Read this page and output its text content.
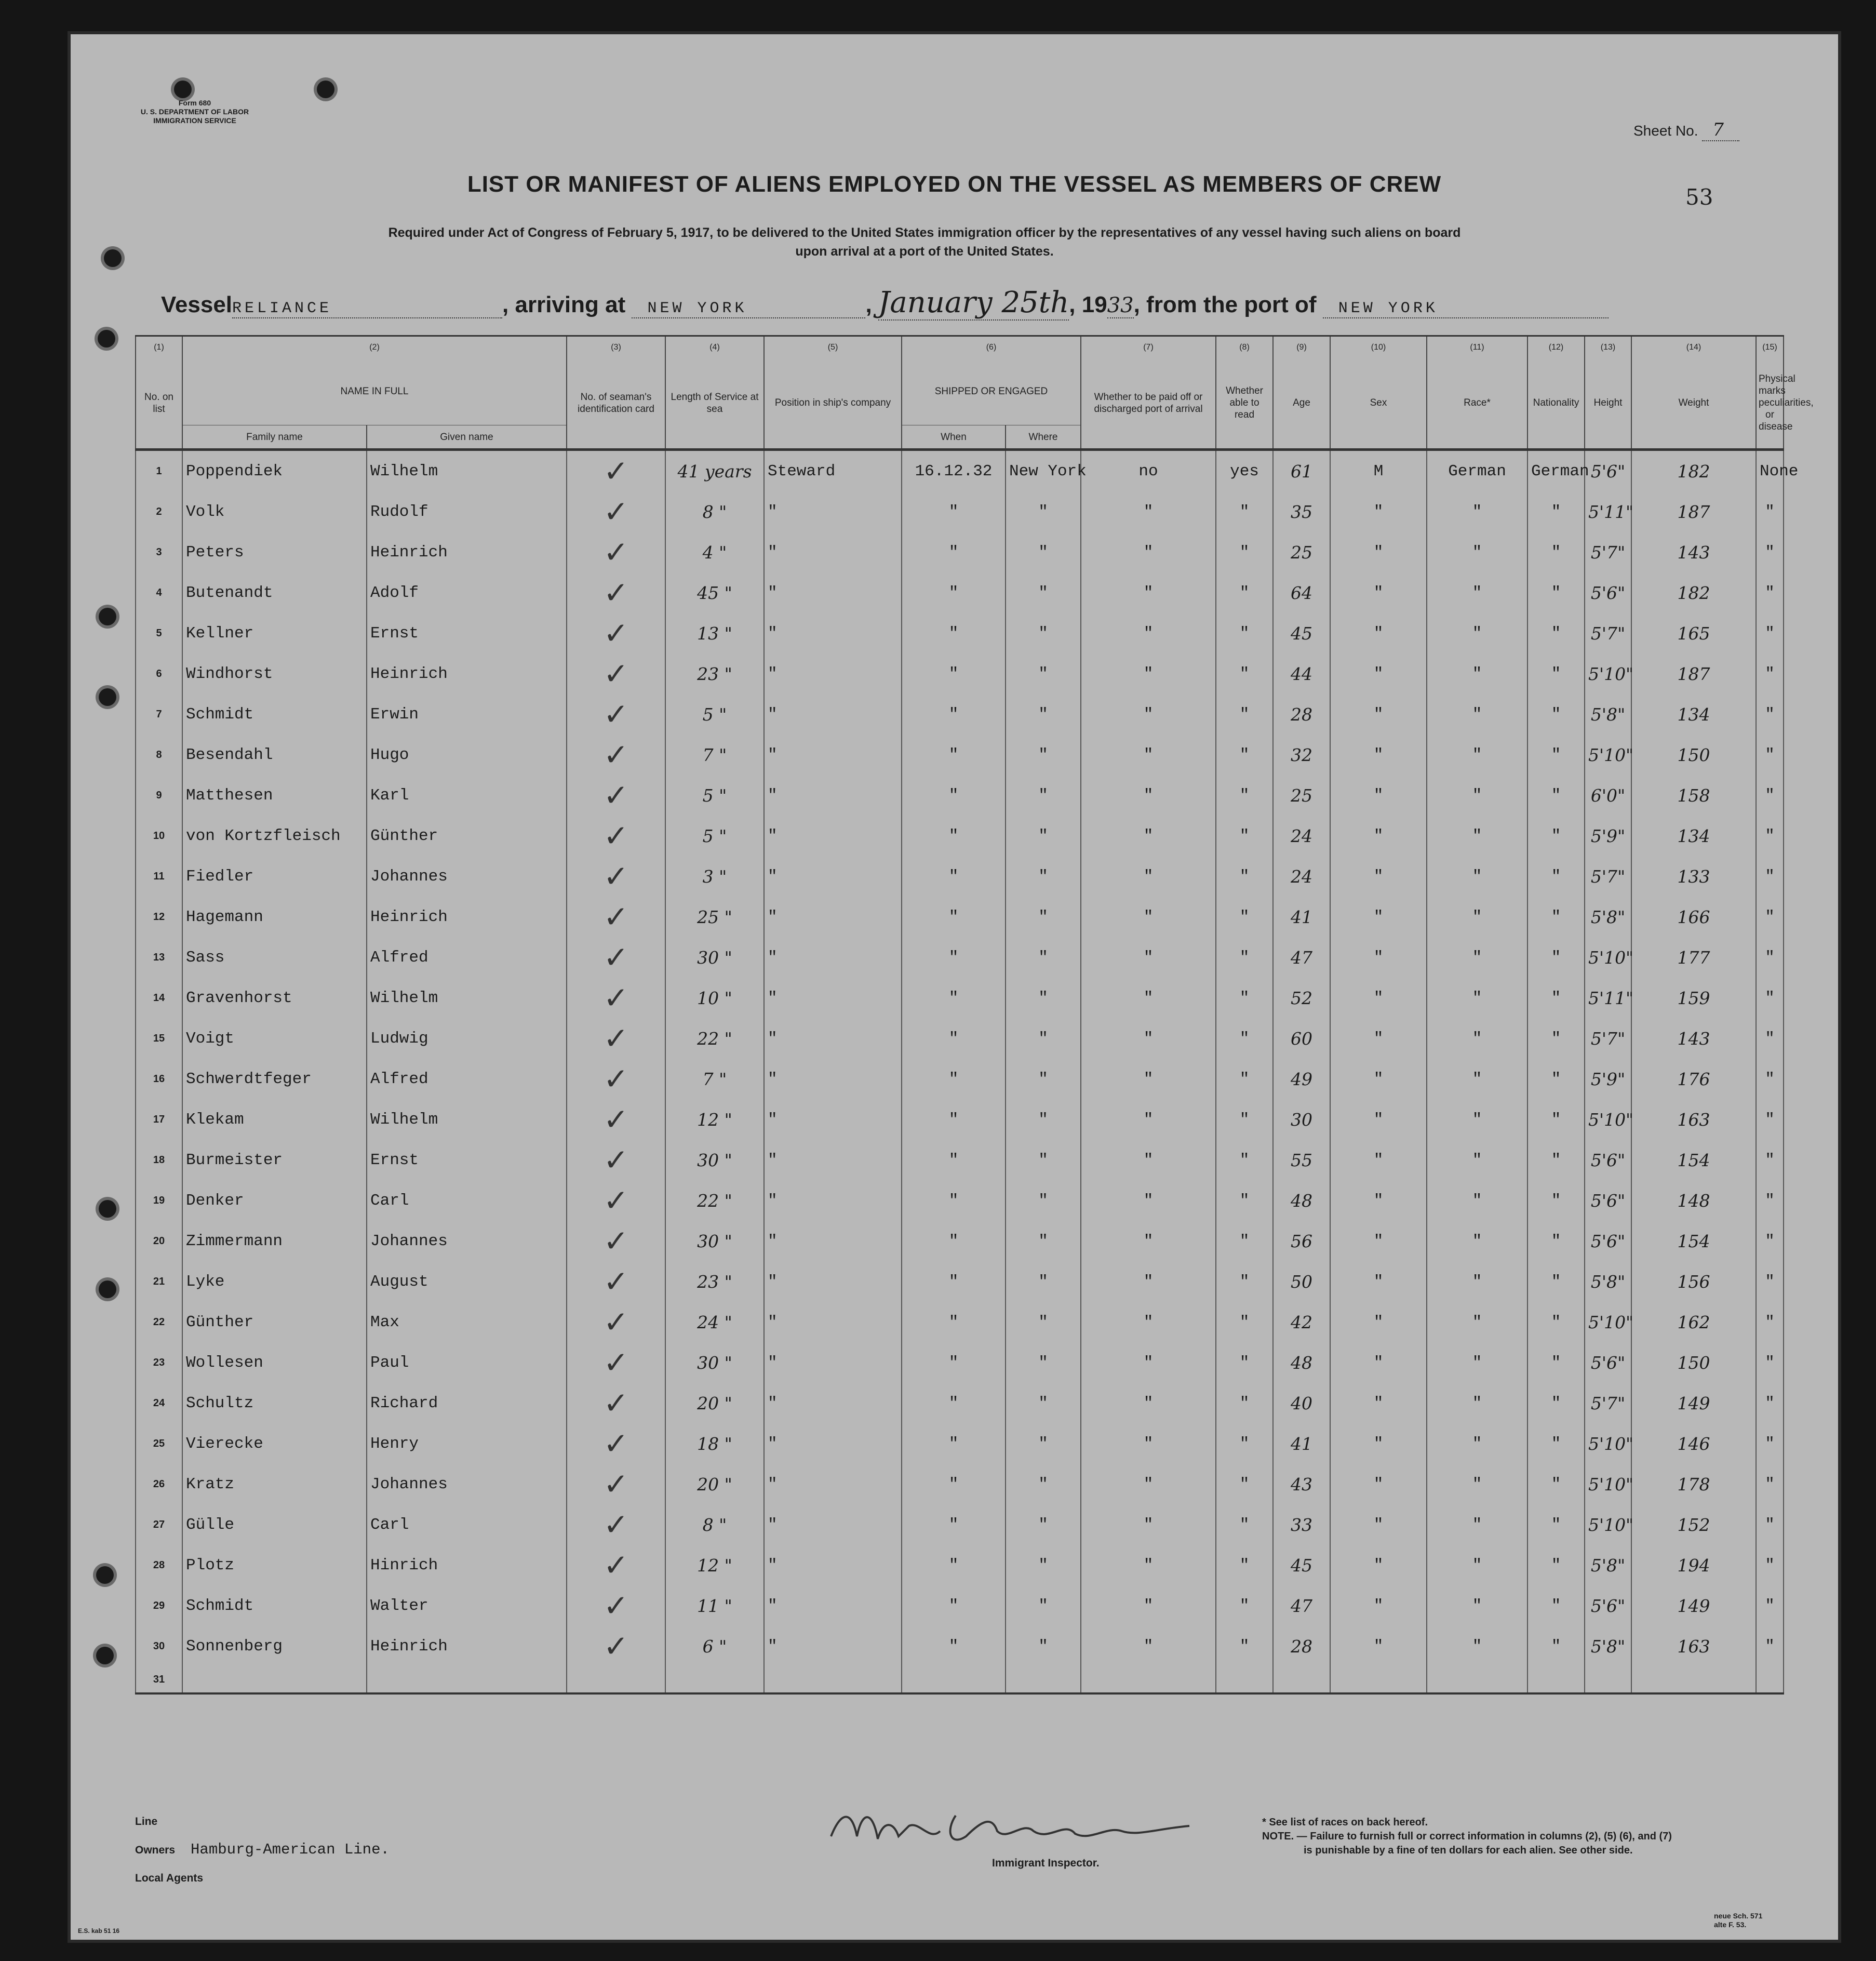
Form 680
U. S. DEPARTMENT OF LABOR
IMMIGRATION SERVICE
Sheet No. 7
53
LIST OR MANIFEST OF ALIENS EMPLOYED ON THE VESSEL AS MEMBERS OF CREW
Required under Act of Congress of February 5, 1917, to be delivered to the United States immigration officer by the representatives of any vessel having such aliens on board
upon arrival at a port of the United States.
VesselRELIANCE	, arriving at NEW YORK	, January 25th, 1933, from the port of NEW YORK
(1)	(2)		(3)	(4)	(5)	(6)		(7)	(8)	(9)	(10)	(11)	(12)	(13)	(14)	(15)
No. on list	NAME IN FULL		No. of seaman's identification card	Length of Service at sea	Position in ship's company	SHIPPED OR ENGAGED		Whether to be paid off or discharged port of arrival	Whether able to read	Age	Sex	Race*	Nationality	Height	Weight	Physical marks peculiarities, or disease
	Family name	Given name				When	Where									
1	Poppendiek	Wilhelm	✓	41 years	Steward	16.12.32	New York	no	yes	61	M	German	German	5'6"	182	None
2	Volk	Rudolf	✓	8 "	"	"	"	"	"	35	"	"	"	5'11"	187	"
3	Peters	Heinrich	✓	4 "	"	"	"	"	"	25	"	"	"	5'7"	143	"
4	Butenandt	Adolf	✓	45 "	"	"	"	"	"	64	"	"	"	5'6"	182	"
5	Kellner	Ernst	✓	13 "	"	"	"	"	"	45	"	"	"	5'7"	165	"
6	Windhorst	Heinrich	✓	23 "	"	"	"	"	"	44	"	"	"	5'10"	187	"
7	Schmidt	Erwin	✓	5 "	"	"	"	"	"	28	"	"	"	5'8"	134	"
8	Besendahl	Hugo	✓	7 "	"	"	"	"	"	32	"	"	"	5'10"	150	"
9	Matthesen	Karl	✓	5 "	"	"	"	"	"	25	"	"	"	6'0"	158	"
10	von Kortzfleisch	Günther	✓	5 "	"	"	"	"	"	24	"	"	"	5'9"	134	"
11	Fiedler	Johannes	✓	3 "	"	"	"	"	"	24	"	"	"	5'7"	133	"
12	Hagemann	Heinrich	✓	25 "	"	"	"	"	"	41	"	"	"	5'8"	166	"
13	Sass	Alfred	✓	30 "	"	"	"	"	"	47	"	"	"	5'10"	177	"
14	Gravenhorst	Wilhelm	✓	10 "	"	"	"	"	"	52	"	"	"	5'11"	159	"
15	Voigt	Ludwig	✓	22 "	"	"	"	"	"	60	"	"	"	5'7"	143	"
16	Schwerdtfeger	Alfred	✓	7 "	"	"	"	"	"	49	"	"	"	5'9"	176	"
17	Klekam	Wilhelm	✓	12 "	"	"	"	"	"	30	"	"	"	5'10"	163	"
18	Burmeister	Ernst	✓	30 "	"	"	"	"	"	55	"	"	"	5'6"	154	"
19	Denker	Carl	✓	22 "	"	"	"	"	"	48	"	"	"	5'6"	148	"
20	Zimmermann	Johannes	✓	30 "	"	"	"	"	"	56	"	"	"	5'6"	154	"
21	Lyke	August	✓	23 "	"	"	"	"	"	50	"	"	"	5'8"	156	"
22	Günther	Max	✓	24 "	"	"	"	"	"	42	"	"	"	5'10"	162	"
23	Wollesen	Paul	✓	30 "	"	"	"	"	"	48	"	"	"	5'6"	150	"
24	Schultz	Richard	✓	20 "	"	"	"	"	"	40	"	"	"	5'7"	149	"
25	Vierecke	Henry	✓	18 "	"	"	"	"	"	41	"	"	"	5'10"	146	"
26	Kratz	Johannes	✓	20 "	"	"	"	"	"	43	"	"	"	5'10"	178	"
27	Gülle	Carl	✓	8 "	"	"	"	"	"	33	"	"	"	5'10"	152	"
28	Plotz	Hinrich	✓	12 "	"	"	"	"	"	45	"	"	"	5'8"	194	"
29	Schmidt	Walter	✓	11 "	"	"	"	"	"	47	"	"	"	5'6"	149	"
30	Sonnenberg	Heinrich	✓	6 "	"	"	"	"	"	28	"	"	"	5'8"	163	"
31																
Line
Owners Hamburg-American Line.
Local Agents
Max Gebhner
Immigrant Inspector.
* See list of races on back hereof.
NOTE. — Failure to furnish full or correct information in columns (2), (5) (6), and (7)
is punishable by a fine of ten dollars for each alien. See other side.
E.S. kab 51 16
neue Sch. 571
alte F. 53.
